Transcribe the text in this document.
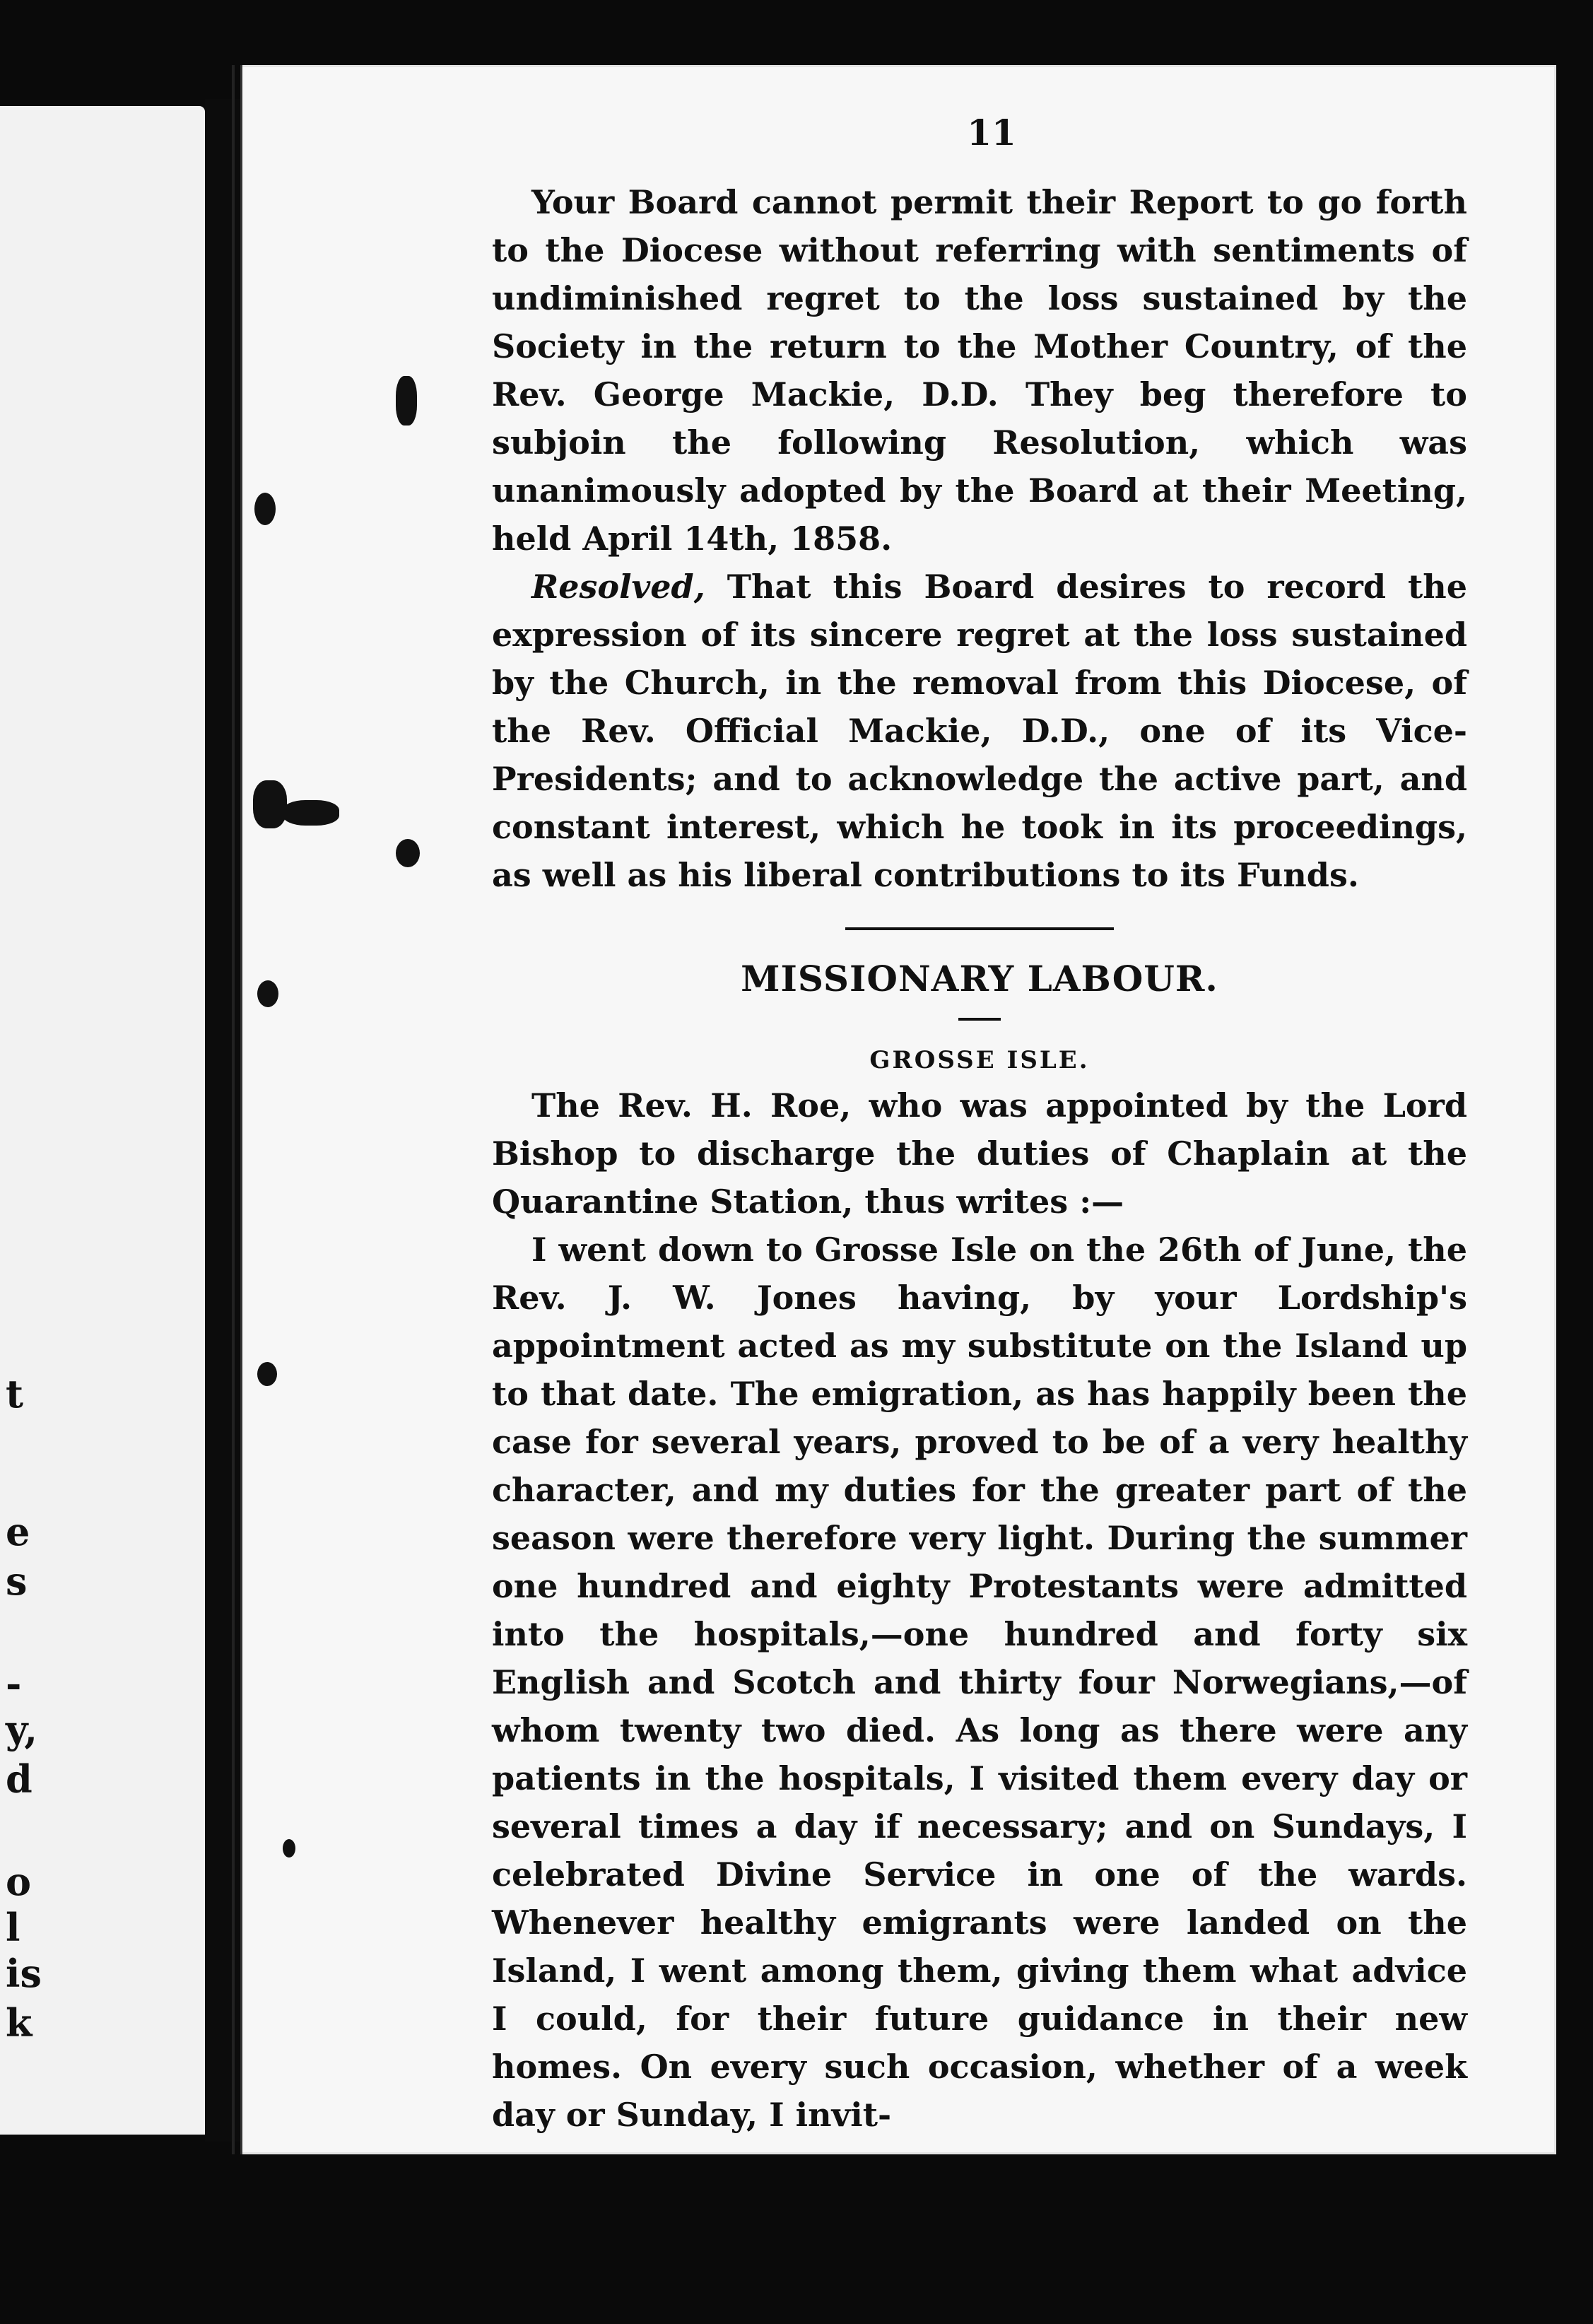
t
e
s
-
y,
d
o
l
is
k
11

Your Board cannot permit their Report to go forth to the Diocese without referring with sentiments of undiminished regret to the loss sustained by the Society in the return to the Mother Country, of the Rev. George Mackie, D.D. They beg therefore to subjoin the following Resolution, which was unanimously adopted by the Board at their Meeting, held April 14th, 1858.

Resolved, That this Board desires to record the expression of its sincere regret at the loss sustained by the Church, in the removal from this Diocese, of the Rev. Official Mackie, D.D., one of its Vice-Presidents; and to acknowledge the active part, and constant interest, which he took in its proceedings, as well as his liberal contributions to its Funds.

MISSIONARY LABOUR.

GROSSE ISLE.

The Rev. H. Roe, who was appointed by the Lord Bishop to discharge the duties of Chaplain at the Quarantine Station, thus writes :—

I went down to Grosse Isle on the 26th of June, the Rev. J. W. Jones having, by your Lordship's appointment acted as my substitute on the Island up to that date. The emigration, as has happily been the case for several years, proved to be of a very healthy character, and my duties for the greater part of the season were therefore very light. During the summer one hundred and eighty Protestants were admitted into the hospitals,—one hundred and forty six English and Scotch and thirty four Norwegians,—of whom twenty two died. As long as there were any patients in the hospitals, I visited them every day or several times a day if necessary; and on Sundays, I celebrated Divine Service in one of the wards. Whenever healthy emigrants were landed on the Island, I went among them, giving them what advice I could, for their future guidance in their new homes. On every such occasion, whether of a week day or Sunday, I invit-
